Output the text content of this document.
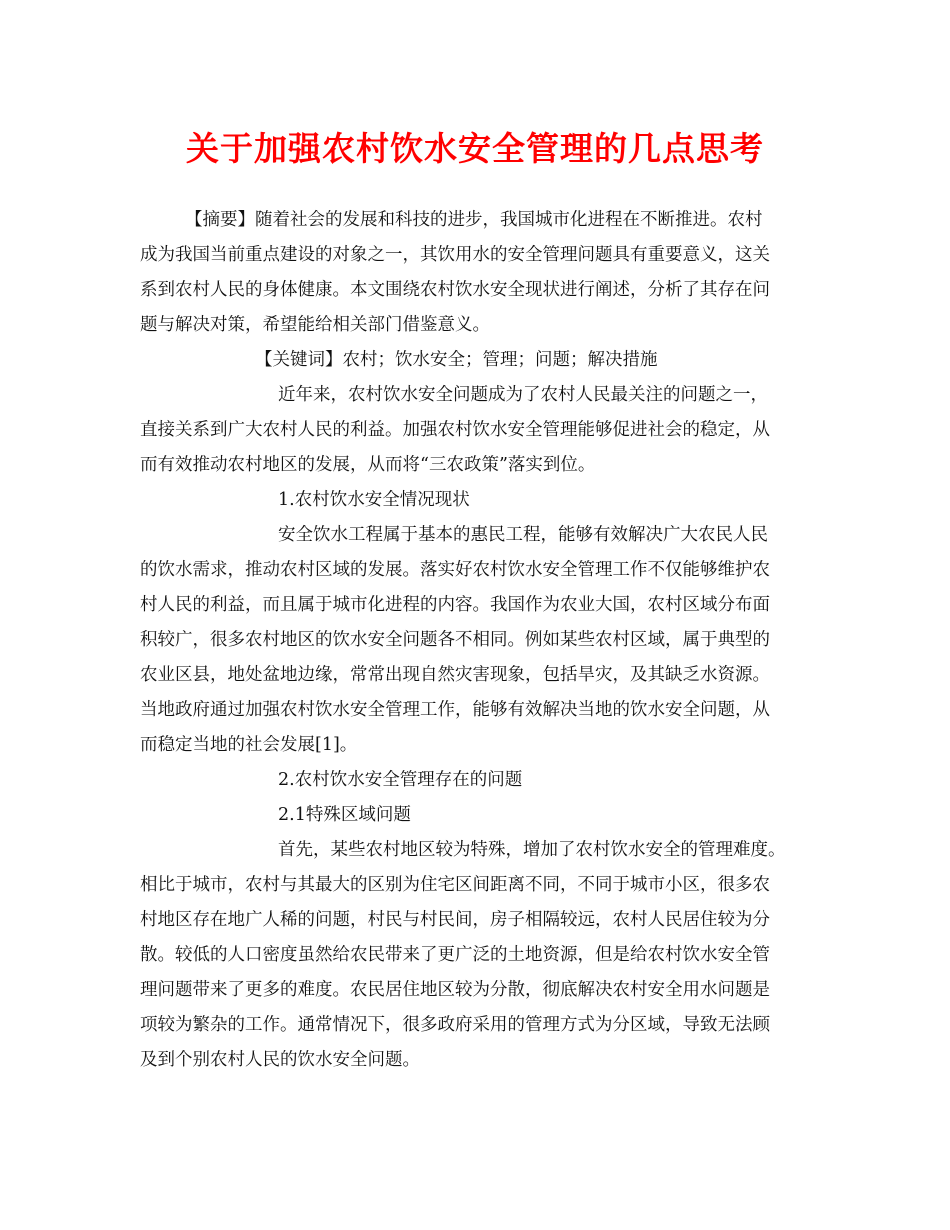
关于加强农村饮水安全管理的几点思考

【摘要】随着社会的发展和科技的进步，我国城市化进程在不断推进。农村

成为我国当前重点建设的对象之一，其饮用水的安全管理问题具有重要意义，这关

系到农村人民的身体健康。本文围绕农村饮水安全现状进行阐述，分析了其存在问

题与解决对策，希望能给相关部门借鉴意义。

【关键词】农村；饮水安全；管理；问题；解决措施

近年来，农村饮水安全问题成为了农村人民最关注的问题之一，

直接关系到广大农村人民的利益。加强农村饮水安全管理能够促进社会的稳定，从

而有效推动农村地区的发展，从而将“三农政策”落实到位。

1.农村饮水安全情况现状

安全饮水工程属于基本的惠民工程，能够有效解决广大农民人民

的饮水需求，推动农村区域的发展。落实好农村饮水安全管理工作不仅能够维护农

村人民的利益，而且属于城市化进程的内容。我国作为农业大国，农村区域分布面

积较广，很多农村地区的饮水安全问题各不相同。例如某些农村区域，属于典型的

农业区县，地处盆地边缘，常常出现自然灾害现象，包括旱灾，及其缺乏水资源。

当地政府通过加强农村饮水安全管理工作，能够有效解决当地的饮水安全问题，从

而稳定当地的社会发展[1]。

2.农村饮水安全管理存在的问题

2.1特殊区域问题

首先，某些农村地区较为特殊，增加了农村饮水安全的管理难度。

相比于城市，农村与其最大的区别为住宅区间距离不同，不同于城市小区，很多农

村地区存在地广人稀的问题，村民与村民间，房子相隔较远，农村人民居住较为分

散。较低的人口密度虽然给农民带来了更广泛的土地资源，但是给农村饮水安全管

理问题带来了更多的难度。农民居住地区较为分散，彻底解决农村安全用水问题是

项较为繁杂的工作。通常情况下，很多政府采用的管理方式为分区域，导致无法顾

及到个别农村人民的饮水安全问题。
